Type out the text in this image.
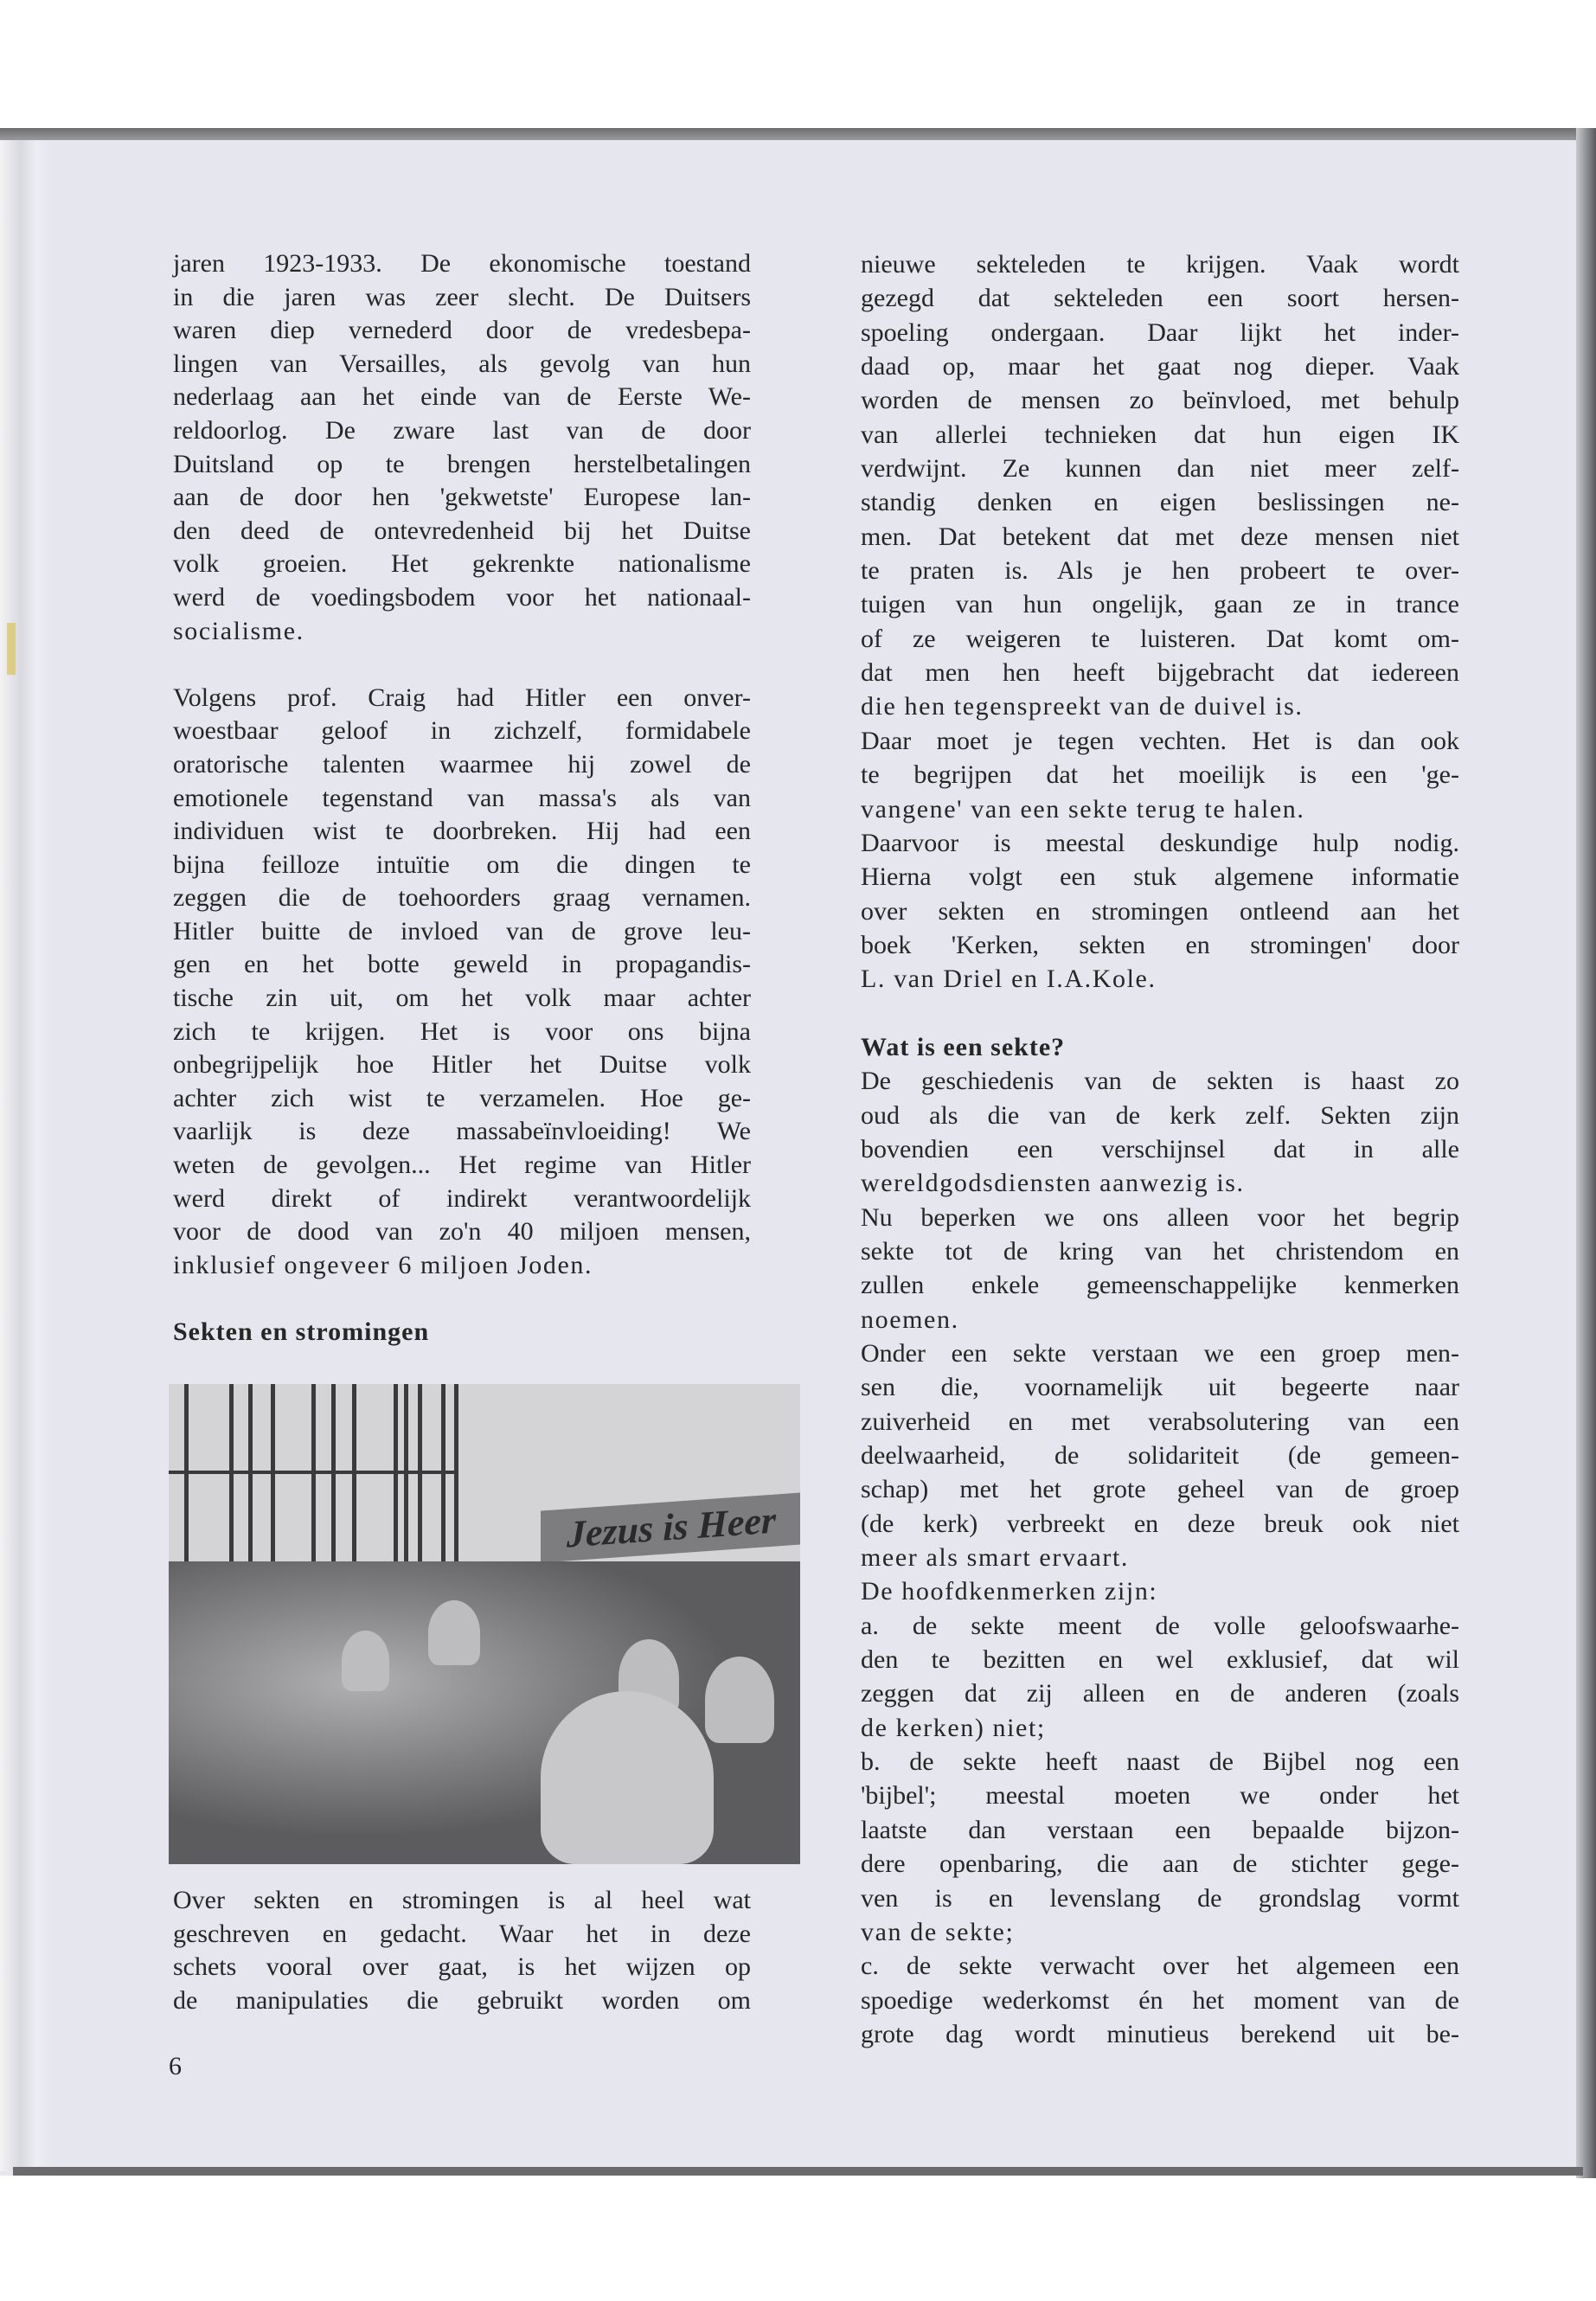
jaren 1923-1933. De ekonomische toestand
in die jaren was zeer slecht. De Duitsers
waren diep vernederd door de vredesbepa-
lingen van Versailles, als gevolg van hun
nederlaag aan het einde van de Eerste We-
reldoorlog. De zware last van de door
Duitsland op te brengen herstelbetalingen
aan de door hen 'gekwetste' Europese lan-
den deed de ontevredenheid bij het Duitse
volk groeien. Het gekrenkte nationalisme
werd de voedingsbodem voor het nationaal-
socialisme.
Volgens prof. Craig had Hitler een onver-
woestbaar geloof in zichzelf, formidabele
oratorische talenten waarmee hij zowel de
emotionele tegenstand van massa's als van
individuen wist te doorbreken. Hij had een
bijna feilloze intuïtie om die dingen te
zeggen die de toehoorders graag vernamen.
Hitler buitte de invloed van de grove leu-
gen en het botte geweld in propagandis-
tische zin uit, om het volk maar achter
zich te krijgen. Het is voor ons bijna
onbegrijpelijk hoe Hitler het Duitse volk
achter zich wist te verzamelen. Hoe ge-
vaarlijk is deze massabeïnvloeiding! We
weten de gevolgen... Het regime van Hitler
werd direkt of indirekt verantwoordelijk
voor de dood van zo'n 40 miljoen mensen,
inklusief ongeveer 6 miljoen Joden.
Sekten en stromingen
Jezus is Heer
Over sekten en stromingen is al heel wat
geschreven en gedacht. Waar het in deze
schets vooral over gaat, is het wijzen op
de manipulaties die gebruikt worden om
nieuwe sekteleden te krijgen. Vaak wordt
gezegd dat sekteleden een soort hersen-
spoeling ondergaan. Daar lijkt het inder-
daad op, maar het gaat nog dieper. Vaak
worden de mensen zo beïnvloed, met behulp
van allerlei technieken dat hun eigen IK
verdwijnt. Ze kunnen dan niet meer zelf-
standig denken en eigen beslissingen ne-
men. Dat betekent dat met deze mensen niet
te praten is. Als je hen probeert te over-
tuigen van hun ongelijk, gaan ze in trance
of ze weigeren te luisteren. Dat komt om-
dat men hen heeft bijgebracht dat iedereen
die hen tegenspreekt van de duivel is.
Daar moet je tegen vechten. Het is dan ook
te begrijpen dat het moeilijk is een 'ge-
vangene' van een sekte terug te halen.
Daarvoor is meestal deskundige hulp nodig.
Hierna volgt een stuk algemene informatie
over sekten en stromingen ontleend aan het
boek 'Kerken, sekten en stromingen' door
L. van Driel en I.A.Kole.
Wat is een sekte?
De geschiedenis van de sekten is haast zo
oud als die van de kerk zelf. Sekten zijn
bovendien een verschijnsel dat in alle
wereldgodsdiensten aanwezig is.
Nu beperken we ons alleen voor het begrip
sekte tot de kring van het christendom en
zullen enkele gemeenschappelijke kenmerken
noemen.
Onder een sekte verstaan we een groep men-
sen die, voornamelijk uit begeerte naar
zuiverheid en met verabsolutering van een
deelwaarheid, de solidariteit (de gemeen-
schap) met het grote geheel van de groep
(de kerk) verbreekt en deze breuk ook niet
meer als smart ervaart.
De hoofdkenmerken zijn:
a. de sekte meent de volle geloofswaarhe-
den te bezitten en wel exklusief, dat wil
zeggen dat zij alleen en de anderen (zoals
de kerken) niet;
b. de sekte heeft naast de Bijbel nog een
'bijbel'; meestal moeten we onder het
laatste dan verstaan een bepaalde bijzon-
dere openbaring, die aan de stichter gege-
ven is en levenslang de grondslag vormt
van de sekte;
c. de sekte verwacht over het algemeen een
spoedige wederkomst én het moment van de
grote dag wordt minutieus berekend uit be-
6
